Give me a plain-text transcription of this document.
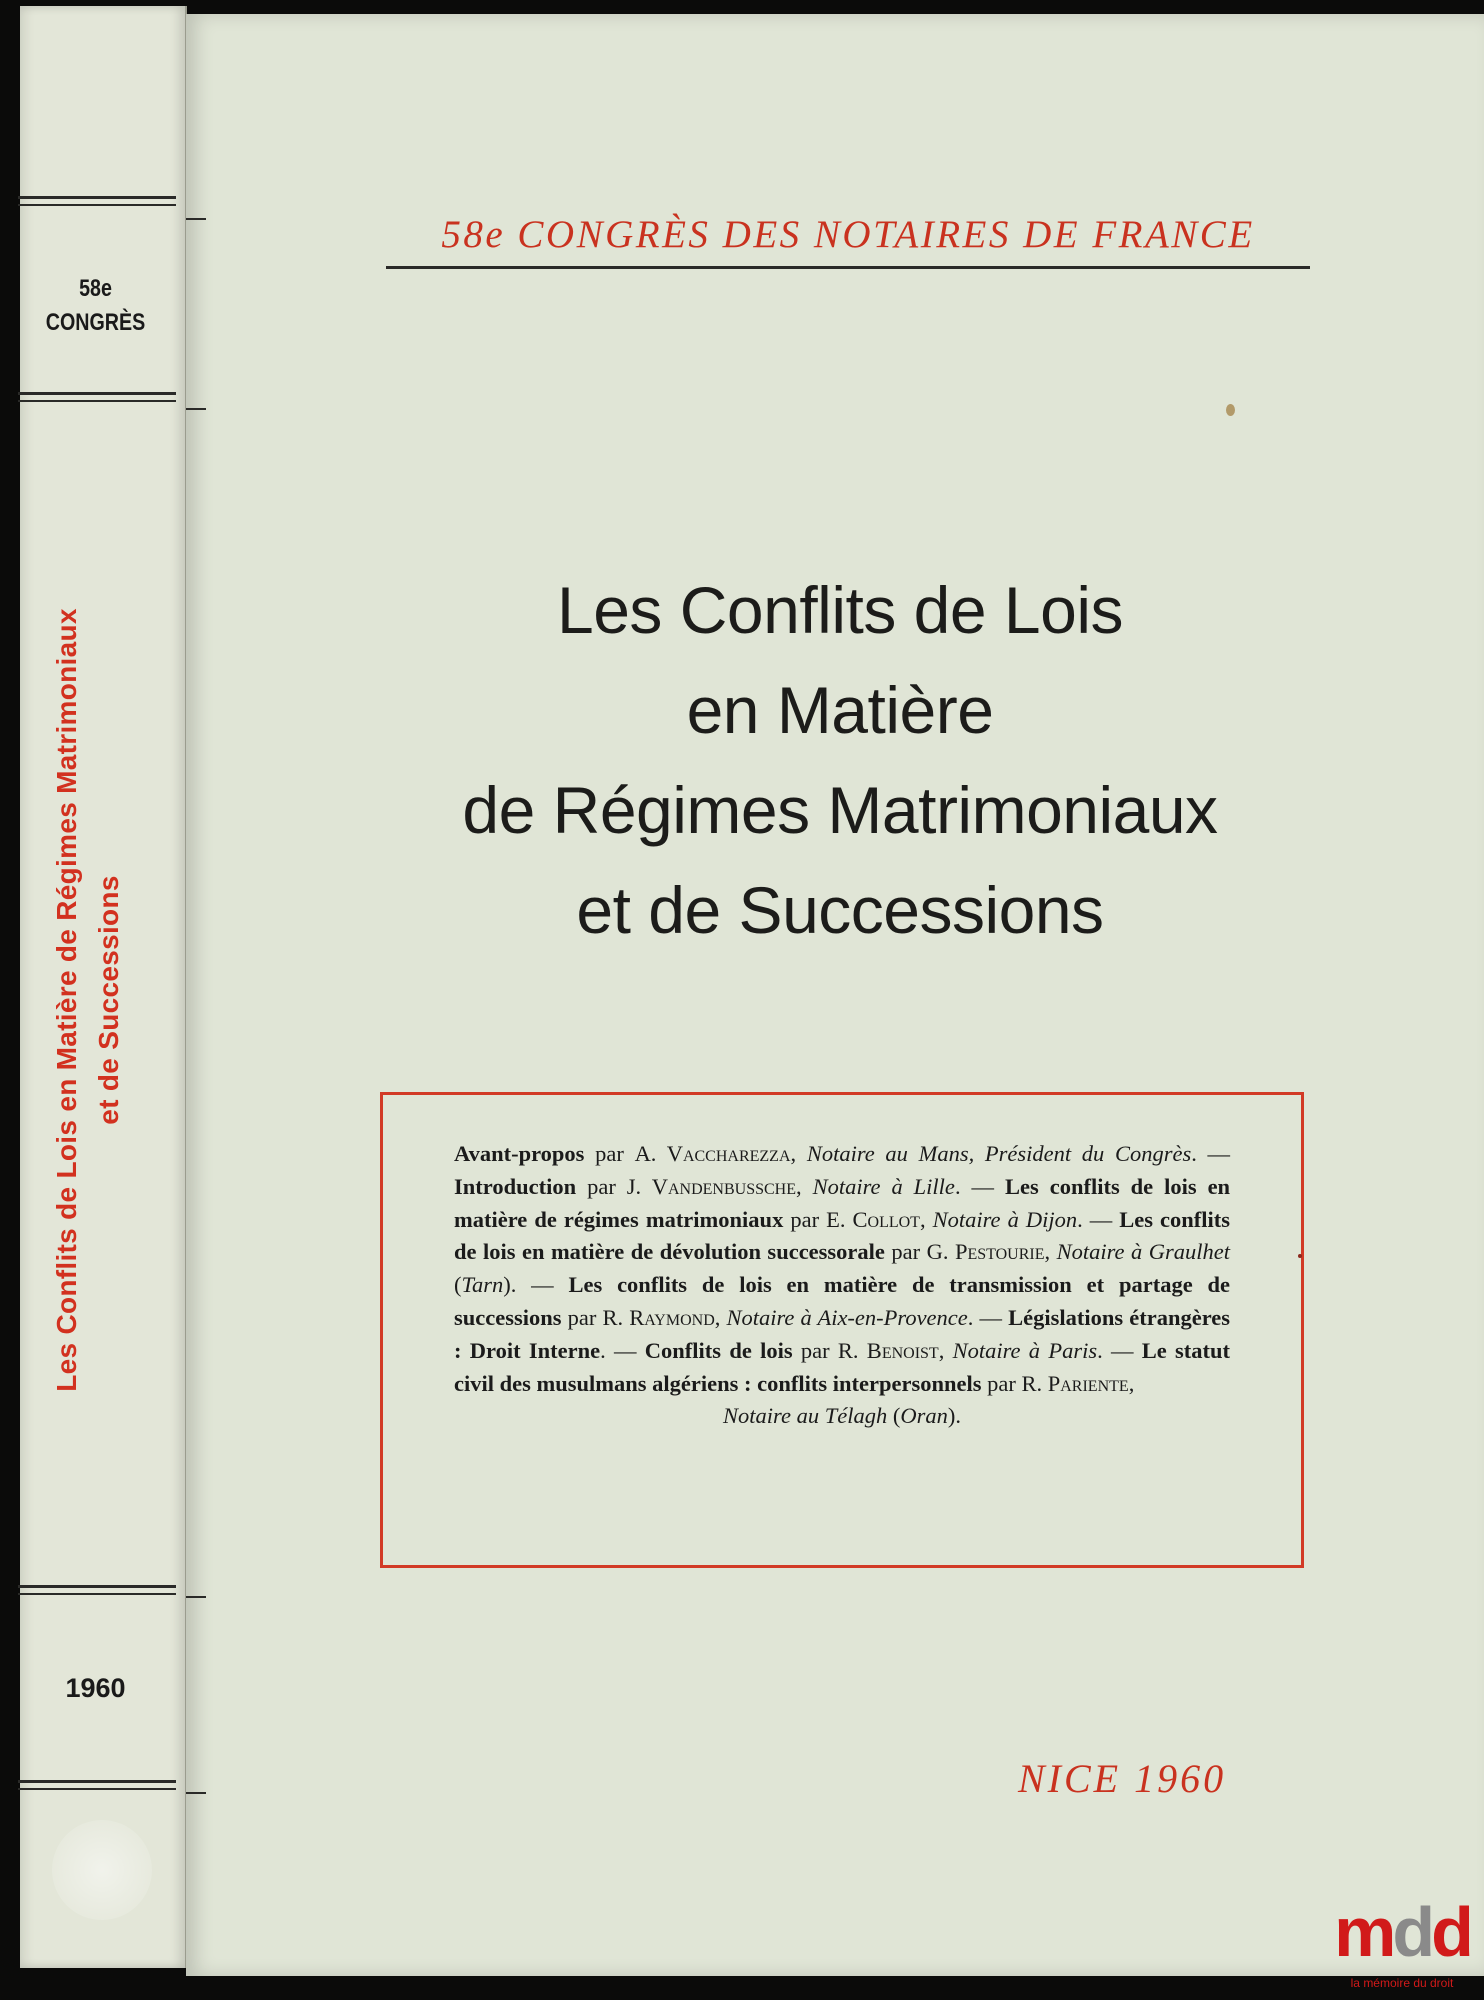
58e
CONGRÈS
Les Conflits de Lois en Matière de Régimes Matrimoniaux et de Successions
1960
58e CONGRÈS DES NOTAIRES DE FRANCE
Les Conflits de Lois
en Matière
de Régimes Matrimoniaux
et de Successions
Avant-propos par A. Vaccharezza, Notaire au Mans, Président du Congrès. — Introduction par J. Vandenbussche, Notaire à Lille. — Les conflits de lois en matière de régimes matrimoniaux par E. Collot, Notaire à Dijon. — Les conflits de lois en matière de dévolution successorale par G. Pestourie, Notaire à Graulhet (Tarn). — Les conflits de lois en matière de transmission et partage de successions par R. Raymond, Notaire à Aix-en-Provence. — Législations étrangères : Droit Interne. — Conflits de lois par R. Benoist, Notaire à Paris. — Le statut civil des musulmans algériens : conflits interpersonnels par R. Pariente,
Notaire au Télagh (Oran).
NICE 1960
mdd
la mémoire du droit
